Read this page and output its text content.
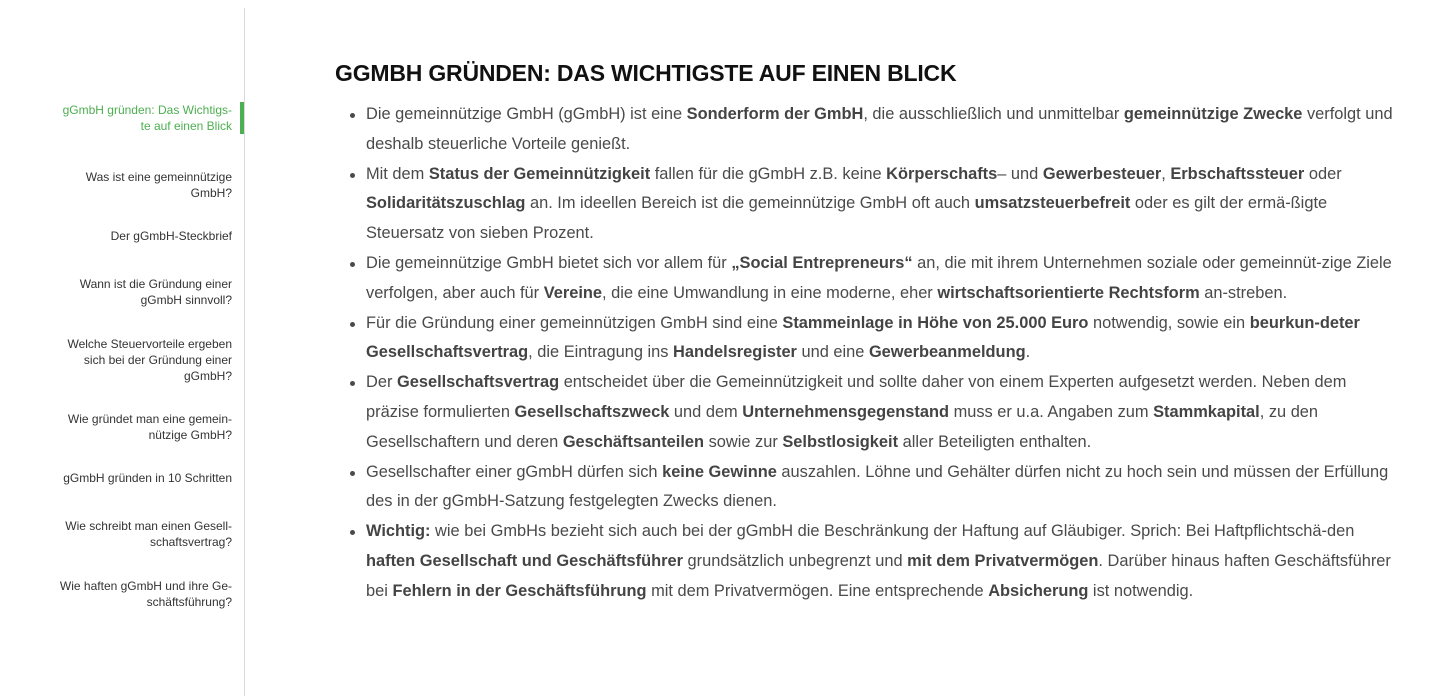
gGmbH gründen: Das Wichtigs-
te auf einen Blick
Was ist eine gemeinnützige
GmbH?
Der gGmbH-Steckbrief
Wann ist die Gründung einer
gGmbH sinnvoll?
Welche Steuervorteile ergeben
sich bei der Gründung einer
gGmbH?
Wie gründet man eine gemein-
nützige GmbH?
gGmbH gründen in 10 Schritten
Wie schreibt man einen Gesell-
schaftsvertrag?
Wie haften gGmbH und ihre Ge-
schäftsführung?
GGMBH GRÜNDEN: DAS WICHTIGSTE AUF EINEN BLICK
Die gemeinnützige GmbH (gGmbH) ist eine Sonderform der GmbH, die ausschließlich und unmittelbar gemeinnützige Zwecke verfolgt und deshalb steuerliche Vorteile genießt.
Mit dem Status der Gemeinnützigkeit fallen für die gGmbH z.B. keine Körperschafts– und Gewerbesteuer, Erbschaftssteuer oder Solidaritätszuschlag an. Im ideellen Bereich ist die gemeinnützige GmbH oft auch umsatzsteuerbefreit oder es gilt der ermä-ßigte Steuersatz von sieben Prozent.
Die gemeinnützige GmbH bietet sich vor allem für „Social Entrepreneurs“ an, die mit ihrem Unternehmen soziale oder gemeinnüt-zige Ziele verfolgen, aber auch für Vereine, die eine Umwandlung in eine moderne, eher wirtschaftsorientierte Rechtsform an-streben.
Für die Gründung einer gemeinnützigen GmbH sind eine Stammeinlage in Höhe von 25.000 Euro notwendig, sowie ein beurkun-deter Gesellschaftsvertrag, die Eintragung ins Handelsregister und eine Gewerbeanmeldung.
Der Gesellschaftsvertrag entscheidet über die Gemeinnützigkeit und sollte daher von einem Experten aufgesetzt werden. Neben dem präzise formulierten Gesellschaftszweck und dem Unternehmensgegenstand muss er u.a. Angaben zum Stammkapital, zu den Gesellschaftern und deren Geschäftsanteilen sowie zur Selbstlosigkeit aller Beteiligten enthalten.
Gesellschafter einer gGmbH dürfen sich keine Gewinne auszahlen. Löhne und Gehälter dürfen nicht zu hoch sein und müssen der Erfüllung des in der gGmbH-Satzung festgelegten Zwecks dienen.
Wichtig: wie bei GmbHs bezieht sich auch bei der gGmbH die Beschränkung der Haftung auf Gläubiger. Sprich: Bei Haftpflichtschä-den haften Gesellschaft und Geschäftsführer grundsätzlich unbegrenzt und mit dem Privatvermögen. Darüber hinaus haften Geschäftsführer bei Fehlern in der Geschäftsführung mit dem Privatvermögen. Eine entsprechende Absicherung ist notwendig.
